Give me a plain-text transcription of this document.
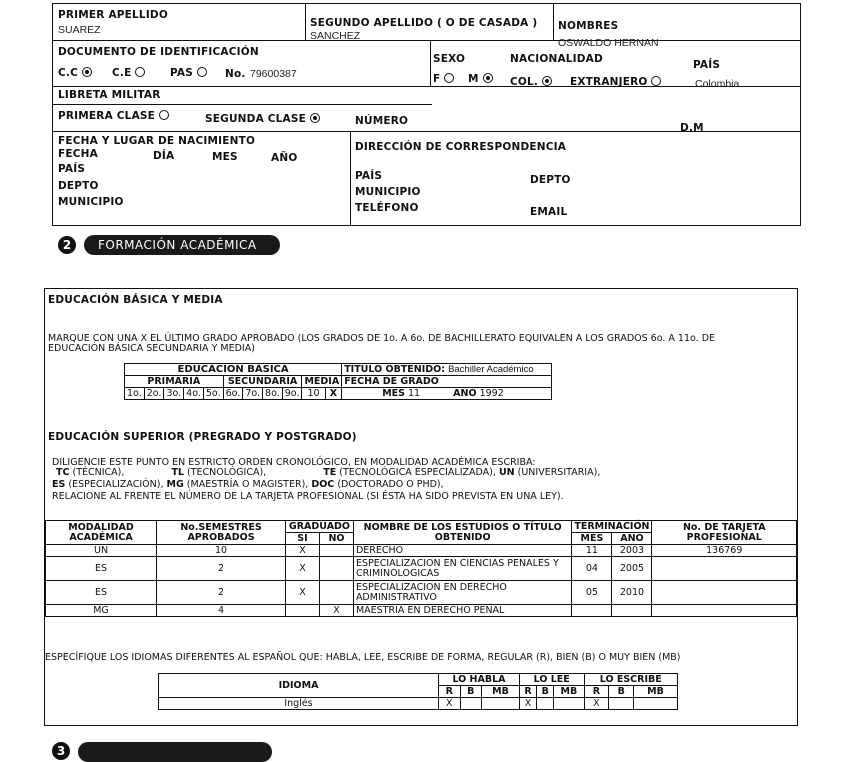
PRIMER APELLIDO
SUAREZ
SEGUNDO APELLIDO ( O DE CASADA )
SANCHEZ
NOMBRES
OSWALDO HERNAN
DOCUMENTO DE IDENTIFICACIÓN
C.C	C.E	PAS	No. 79600387
SEXO
F	M
NACIONALIDAD
COL.	EXTRANJERO
PAÍS
Colombia
LIBRETA MILITAR
PRIMERA CLASE	SEGUNDA CLASE	NÚMERO
D.M
FECHA Y LUGAR DE NACIMIENTO
FECHA	DÍA	MES	AÑO
PAÍS
DEPTO
MUNICIPIO
DIRECCIÓN DE CORRESPONDENCIA
PAÍS	DEPTO
MUNICIPIO
TELÉFONO	EMAIL
2	FORMACIÓN ACADÉMICA
EDUCACIÓN BÁSICA Y MEDIA
MARQUE CON UNA X EL ÚLTIMO GRADO APROBADO (LOS GRADOS DE 1o. A 6o. DE BACHILLERATO EQUIVALEN A LOS GRADOS 6o. A 11o. DE
EDUCACIÓN BÁSICA SECUNDARIA Y MEDIA)
EDUCACIÓN BÁSICA											TÍTULO OBTENIDO: Bachiller Académico
PRIMARIA					SECUNDARIA				MEDIA		FECHA DE GRADO
1o.	2o.	3o.	4o.	5o.	6o.	7o.	8o.	9o.	10	X	MES 11 AÑO 1992
EDUCACIÓN SUPERIOR (PREGRADO Y POSTGRADO)
DILIGENCIE ESTE PUNTO EN ESTRICTO ORDEN CRONOLÓGICO, EN MODALIDAD ACADÉMICA ESCRIBA:
TC (TÉCNICA),	TL (TECNOLÓGICA),	TE (TECNOLÓGICA ESPECIALIZADA), UN (UNIVERSITARIA),
ES (ESPECIALIZACIÓN), MG (MAESTRÍA O MAGISTER), DOC (DOCTORADO O PHD),
RELACIONE AL FRENTE EL NÚMERO DE LA TARJETA PROFESIONAL (SI ÉSTA HA SIDO PREVISTA EN UNA LEY).
MODALIDAD ACADÉMICA	No.SEMESTRES APROBADOS	GRADUADO		NOMBRE DE LOS ESTUDIOS O TÍTULO OBTENIDO	TERMINACIÓN		No. DE TARJETA PROFESIONAL
		SI	NO		MES	AÑO	
UN	10	X		DERECHO	11	2003	136769
ES	2	X		ESPECIALIZACION EN CIENCIAS PENALES Y CRIMINOLOGICAS	04	2005	
ES	2	X		ESPECIALIZACION EN DERECHO ADMINISTRATIVO	05	2010	
MG	4		X	MAESTRIA EN DERECHO PENAL			
ESPECÍFIQUE LOS IDIOMAS DIFERENTES AL ESPAÑOL QUE: HABLA, LEE, ESCRIBE DE FORMA, REGULAR (R), BIEN (B) O MUY BIEN (MB)
IDIOMA	LO HABLA			LO LEE			LO ESCRIBE		
	R	B	MB	R	B	MB	R	B	MB
Inglés	X			X			X		
3
